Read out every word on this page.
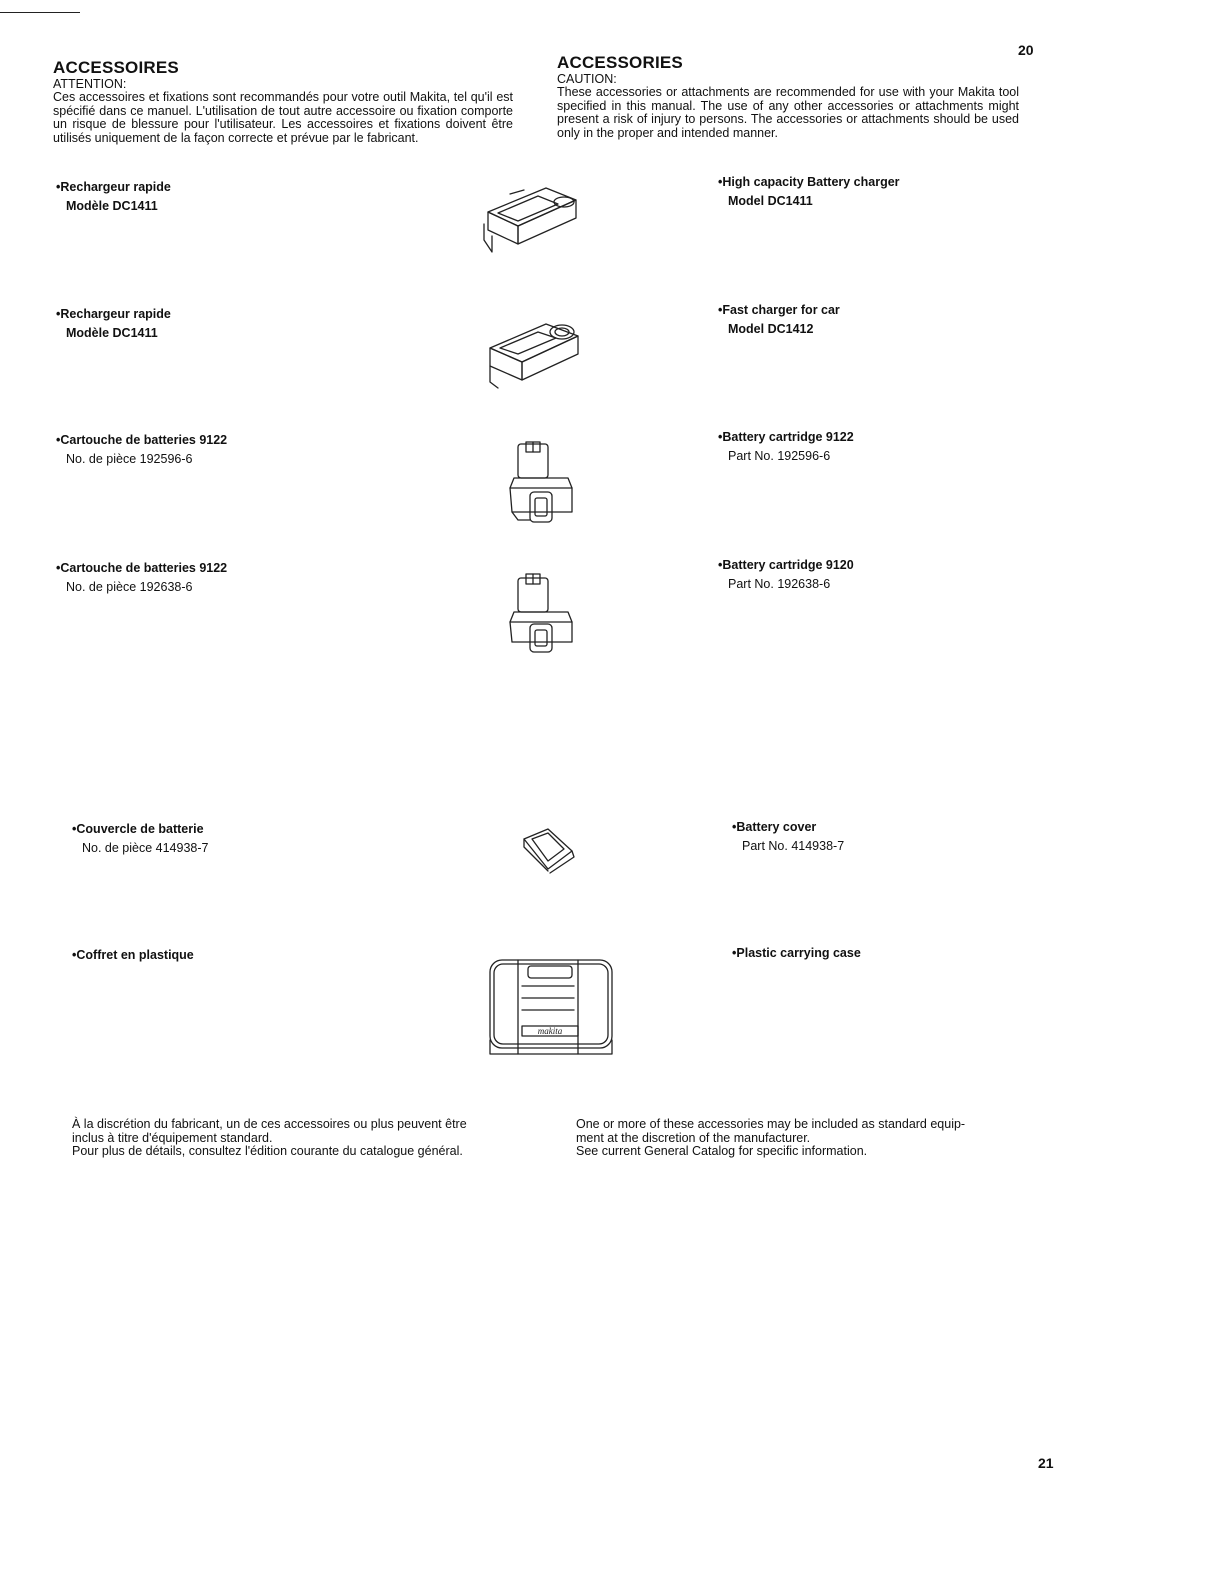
20
21
ACCESSOIRES
ATTENTION:
Ces accessoires et fixations sont recommandés pour votre outil Makita, tel qu'il est spécifié dans ce manuel. L'utilisation de tout autre accessoire ou fixation comporte un risque de blessure pour l'utilisateur. Les accessoires et fixations doivent être utilisés uniquement de la façon correcte et prévue par le fabricant.
ACCESSORIES
CAUTION:
These accessories or attachments are recommended for use with your Makita tool specified in this manual. The use of any other accessories or attachments might present a risk of injury to persons. The accessories or attachments should be used only in the proper and intended manner.
•Rechargeur rapide
Modèle DC1411
•Rechargeur rapide
Modèle DC1411
•Cartouche de batteries 9122
No. de pièce 192596-6
•Cartouche de batteries 9122
No. de pièce 192638-6
•Couvercle de batterie
No. de pièce 414938-7
•Coffret en plastique
•High capacity Battery charger
Model DC1411
•Fast charger for car
Model DC1412
•Battery cartridge 9122
Part No. 192596-6
•Battery cartridge 9120
Part No. 192638-6
•Battery cover
Part No. 414938-7
•Plastic carrying case
makita
À la discrétion du fabricant, un de ces accessoires ou plus peuvent être
inclus à titre d'équipement standard.
Pour plus de détails, consultez l'édition courante du catalogue général.
One or more of these accessories may be included as standard equip-
ment at the discretion of the manufacturer.
See current General Catalog for specific information.
